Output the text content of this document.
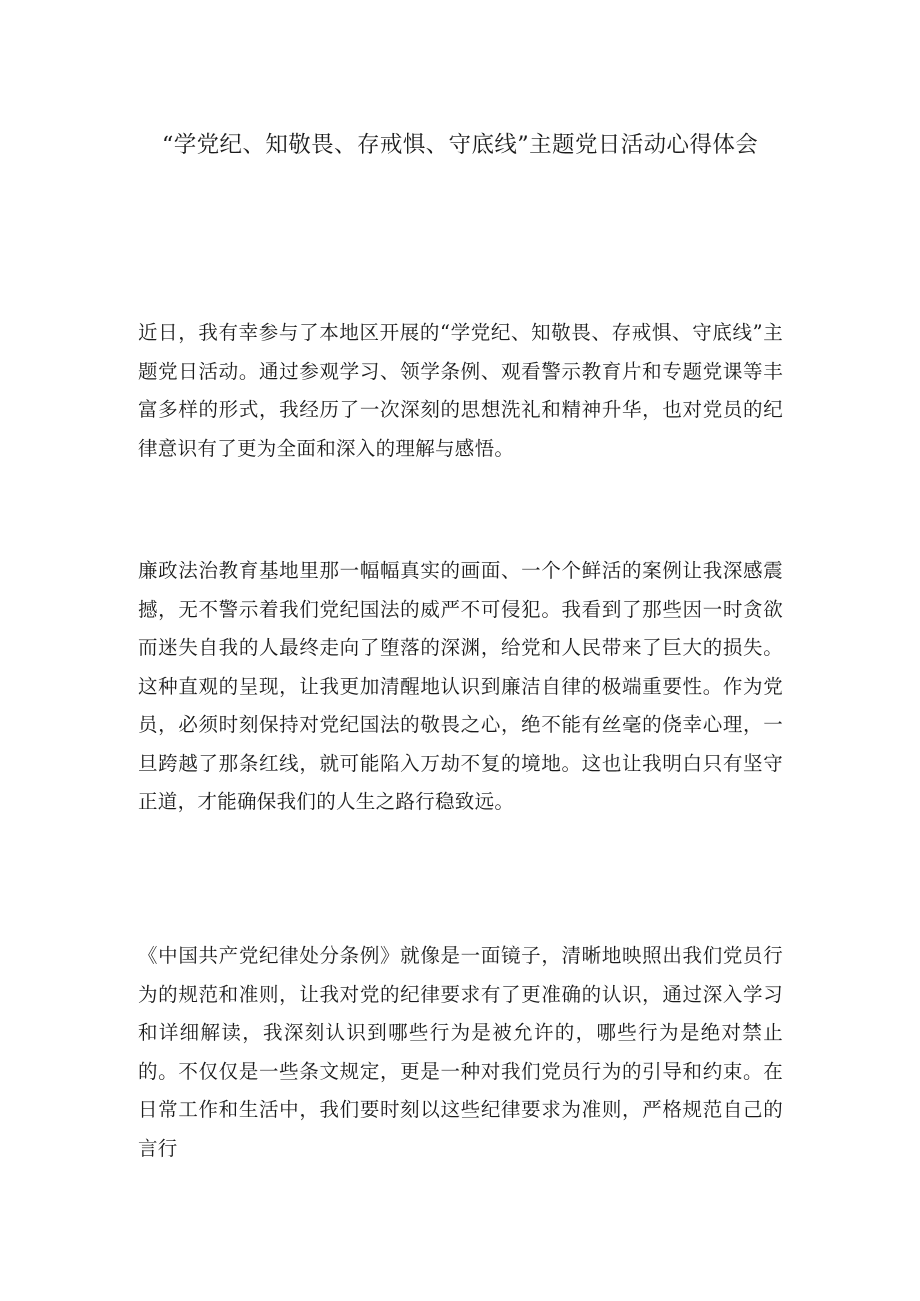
“学党纪、知敬畏、存戒惧、守底线”主题党日活动心得体会

近日，我有幸参与了本地区开展的“学党纪、知敬畏、存戒惧、守底线”主题党日活动。通过参观学习、领学条例、观看警示教育片和专题党课等丰富多样的形式，我经历了一次深刻的思想洗礼和精神升华，也对党员的纪律意识有了更为全面和深入的理解与感悟。

廉政法治教育基地里那一幅幅真实的画面、一个个鲜活的案例让我深感震撼，无不警示着我们党纪国法的威严不可侵犯。我看到了那些因一时贪欲而迷失自我的人最终走向了堕落的深渊，给党和人民带来了巨大的损失。这种直观的呈现，让我更加清醒地认识到廉洁自律的极端重要性。作为党员，必须时刻保持对党纪国法的敬畏之心，绝不能有丝毫的侥幸心理，一旦跨越了那条红线，就可能陷入万劫不复的境地。这也让我明白只有坚守正道，才能确保我们的人生之路行稳致远。

《中国共产党纪律处分条例》就像是一面镜子，清晰地映照出我们党员行为的规范和准则，让我对党的纪律要求有了更准确的认识，通过深入学习和详细解读，我深刻认识到哪些行为是被允许的，哪些行为是绝对禁止的。不仅仅是一些条文规定，更是一种对我们党员行为的引导和约束。在日常工作和生活中，我们要时刻以这些纪律要求为准则，严格规范自己的言行
